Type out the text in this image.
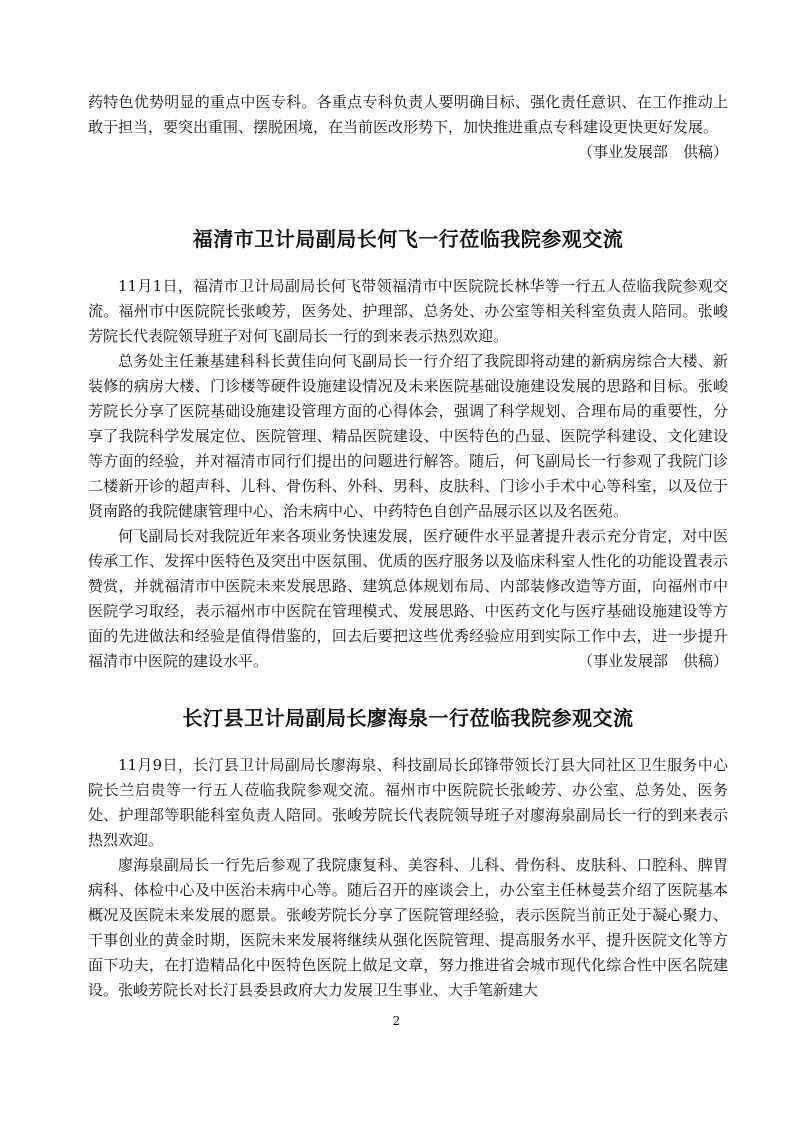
药特色优势明显的重点中医专科。各重点专科负责人要明确目标、强化责任意识、在工作推动上敢于担当，要突出重围、摆脱困境，在当前医改形势下，加快推进重点专科建设更快更好发展。

（事业发展部　供稿）
福清市卫计局副局长何飞一行莅临我院参观交流

11月1日，福清市卫计局副局长何飞带领福清市中医院院长林华等一行五人莅临我院参观交流。福州市中医院院长张峻芳，医务处、护理部、总务处、办公室等相关科室负责人陪同。张峻芳院长代表院领导班子对何飞副局长一行的到来表示热烈欢迎。

总务处主任兼基建科科长黄佳向何飞副局长一行介绍了我院即将动建的新病房综合大楼、新装修的病房大楼、门诊楼等硬件设施建设情况及未来医院基础设施建设发展的思路和目标。张峻芳院长分享了医院基础设施建设管理方面的心得体会，强调了科学规划、合理布局的重要性，分享了我院科学发展定位、医院管理、精品医院建设、中医特色的凸显、医院学科建设、文化建设等方面的经验，并对福清市同行们提出的问题进行解答。随后，何飞副局长一行参观了我院门诊二楼新开诊的超声科、儿科、骨伤科、外科、男科、皮肤科、门诊小手术中心等科室，以及位于贤南路的我院健康管理中心、治未病中心、中药特色自创产品展示区以及名医苑。

何飞副局长对我院近年来各项业务快速发展，医疗硬件水平显著提升表示充分肯定，对中医传承工作、发挥中医特色及突出中医氛围、优质的医疗服务以及临床科室人性化的功能设置表示赞赏，并就福清市中医院未来发展思路、建筑总体规划布局、内部装修改造等方面，向福州市中医院学习取经，表示福州市中医院在管理模式、发展思路、中医药文化与医疗基础设施建设等方面的先进做法和经验是值得借鉴的，回去后要把这些优秀经验应用到实际工作中去，进一步提升福清市中医院的建设水平。	（事业发展部　供稿）

长汀县卫计局副局长廖海泉一行莅临我院参观交流

11月9日，长汀县卫计局副局长廖海泉、科技副局长邱锋带领长汀县大同社区卫生服务中心院长兰启贵等一行五人莅临我院参观交流。福州市中医院院长张峻芳、办公室、总务处、医务处、护理部等职能科室负责人陪同。张峻芳院长代表院领导班子对廖海泉副局长一行的到来表示热烈欢迎。

廖海泉副局长一行先后参观了我院康复科、美容科、儿科、骨伤科、皮肤科、口腔科、脾胃病科、体检中心及中医治未病中心等。随后召开的座谈会上，办公室主任林曼芸介绍了医院基本概况及医院未来发展的愿景。张峻芳院长分享了医院管理经验，表示医院当前正处于凝心聚力、干事创业的黄金时期，医院未来发展将继续从强化医院管理、提高服务水平、提升医院文化等方面下功夫，在打造精品化中医特色医院上做足文章，努力推进省会城市现代化综合性中医名院建设。张峻芳院长对长汀县委县政府大力发展卫生事业、大手笔新建大

2
